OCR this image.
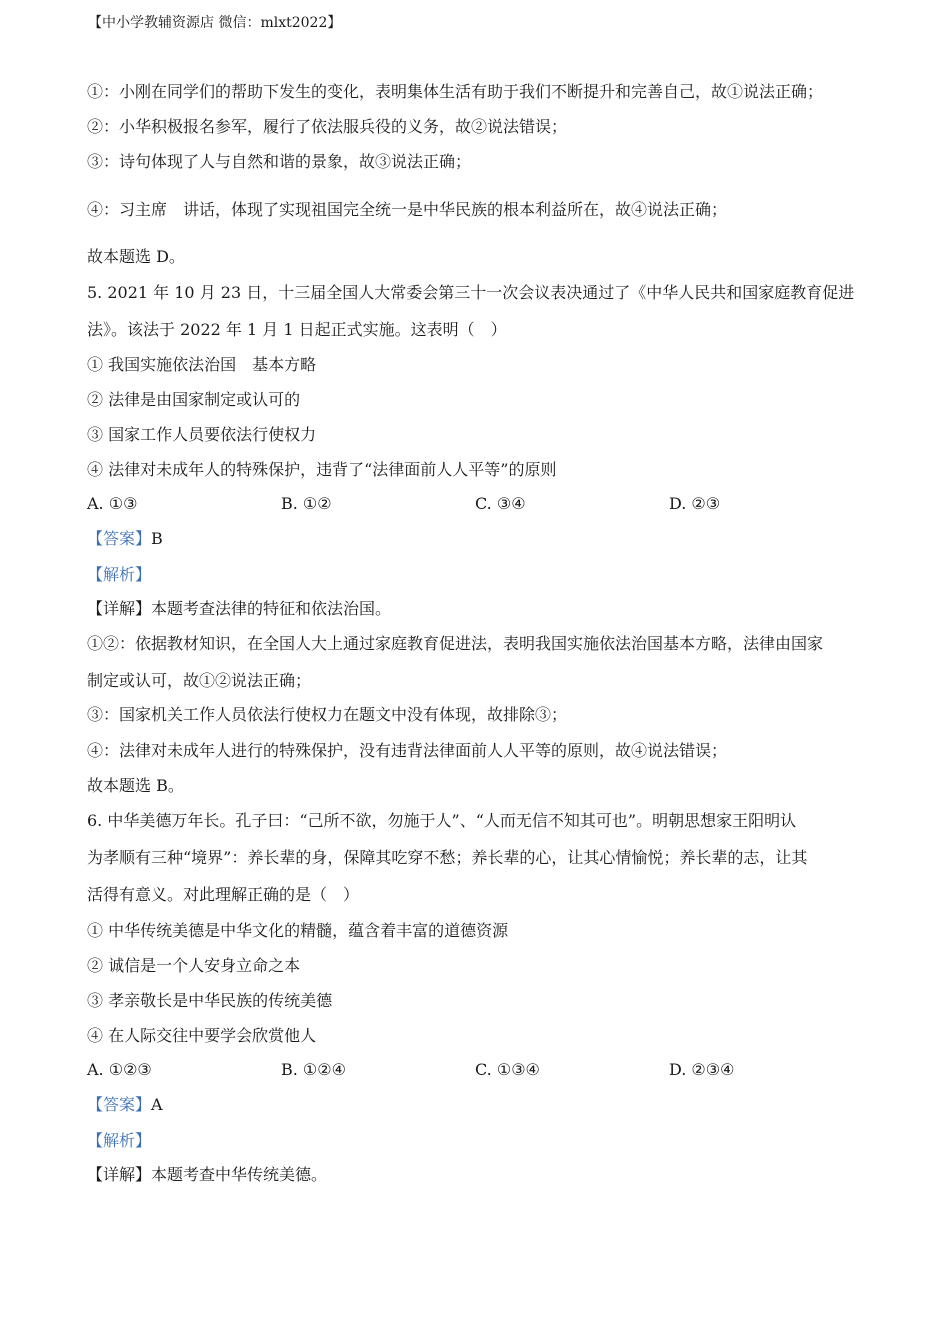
【中小学教辅资源店 微信：mlxt2022】
①：小刚在同学们的帮助下发生的变化，表明集体生活有助于我们不断提升和完善自己，故①说法正确；
②：小华积极报名参军，履行了依法服兵役的义务，故②说法错误；
③：诗句体现了人与自然和谐的景象，故③说法正确；
④：习主席　讲话，体现了实现祖国完全统一是中华民族的根本利益所在，故④说法正确；
故本题选 D。
5. 2021 年 10 月 23 日，十三届全国人大常委会第三十一次会议表决通过了《中华人民共和国家庭教育促进
法》。该法于 2022 年 1 月 1 日起正式实施。这表明（　）
① 我国实施依法治国　基本方略
② 法律是由国家制定或认可的
③ 国家工作人员要依法行使权力
④ 法律对未成年人的特殊保护，违背了“法律面前人人平等”的原则
A. ①③	B. ①②	C. ③④	D. ②③
【答案】B
【解析】
【详解】本题考查法律的特征和依法治国。
①②：依据教材知识，在全国人大上通过家庭教育促进法，表明我国实施依法治国基本方略，法律由国家
制定或认可，故①②说法正确；
③：国家机关工作人员依法行使权力在题文中没有体现，故排除③；
④：法律对未成年人进行的特殊保护，没有违背法律面前人人平等的原则，故④说法错误；
故本题选 B。
6. 中华美德万年长。孔子曰：“己所不欲，勿施于人”、“人而无信不知其可也”。明朝思想家王阳明认
为孝顺有三种“境界”：养长辈的身，保障其吃穿不愁；养长辈的心，让其心情愉悦；养长辈的志，让其
活得有意义。对此理解正确的是（　）
① 中华传统美德是中华文化的精髓，蕴含着丰富的道德资源
② 诚信是一个人安身立命之本
③ 孝亲敬长是中华民族的传统美德
④ 在人际交往中要学会欣赏他人
A. ①②③	B. ①②④	C. ①③④	D. ②③④
【答案】A
【解析】
【详解】本题考查中华传统美德。
